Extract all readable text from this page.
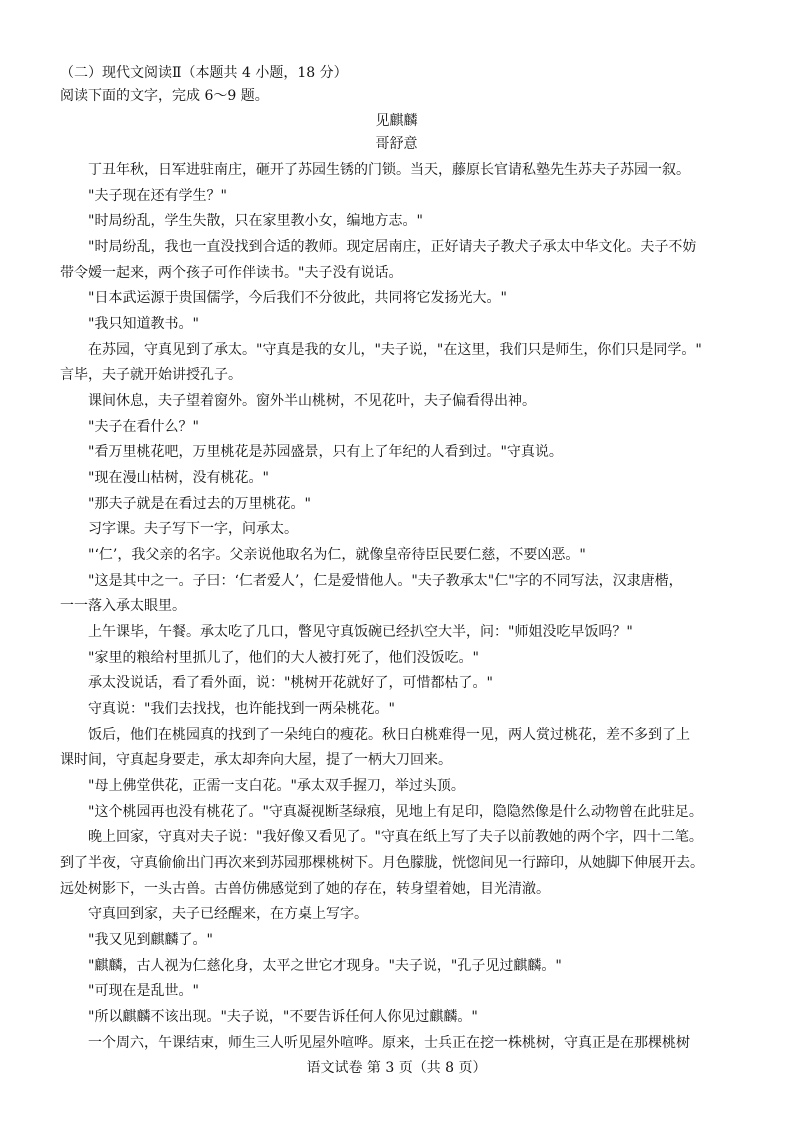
（二）现代文阅读Ⅱ（本题共 4 小题，18 分）
阅读下面的文字，完成 6～9 题。
见麒麟
哥舒意
丁丑年秋，日军进驻南庄，砸开了苏园生锈的门锁。当天，藤原长官请私塾先生苏夫子苏园一叙。
"夫子现在还有学生？"
"时局纷乱，学生失散，只在家里教小女，编地方志。"
"时局纷乱，我也一直没找到合适的教师。现定居南庄，正好请夫子教犬子承太中华文化。夫子不妨
带令嫒一起来，两个孩子可作伴读书。"夫子没有说话。
"日本武运源于贵国儒学，今后我们不分彼此，共同将它发扬光大。"
"我只知道教书。"
在苏园，守真见到了承太。"守真是我的女儿，"夫子说，"在这里，我们只是师生，你们只是同学。"
言毕，夫子就开始讲授孔子。
课间休息，夫子望着窗外。窗外半山桃树，不见花叶，夫子偏看得出神。
"夫子在看什么？"
"看万里桃花吧，万里桃花是苏园盛景，只有上了年纪的人看到过。"守真说。
"现在漫山枯树，没有桃花。"
"那夫子就是在看过去的万里桃花。"
习字课。夫子写下一字，问承太。
"‘仁’，我父亲的名字。父亲说他取名为仁，就像皇帝待臣民要仁慈，不要凶恶。"
"这是其中之一。子曰：‘仁者爱人’，仁是爱惜他人。"夫子教承太"仁"字的不同写法，汉隶唐楷，
一一落入承太眼里。
上午课毕，午餐。承太吃了几口，瞥见守真饭碗已经扒空大半，问："师姐没吃早饭吗？"
"家里的粮给村里抓儿了，他们的大人被打死了，他们没饭吃。"
承太没说话，看了看外面，说："桃树开花就好了，可惜都枯了。"
守真说："我们去找找，也许能找到一两朵桃花。"
饭后，他们在桃园真的找到了一朵纯白的瘦花。秋日白桃难得一见，两人赏过桃花，差不多到了上
课时间，守真起身要走，承太却奔向大屋，提了一柄大刀回来。
"母上佛堂供花，正需一支白花。"承太双手握刀，举过头顶。
"这个桃园再也没有桃花了。"守真凝视断茎绿痕，见地上有足印，隐隐然像是什么动物曾在此驻足。
晚上回家，守真对夫子说："我好像又看见了。"守真在纸上写了夫子以前教她的两个字，四十二笔。
到了半夜，守真偷偷出门再次来到苏园那棵桃树下。月色朦胧，恍惚间见一行蹄印，从她脚下伸展开去。
远处树影下，一头古兽。古兽仿佛感觉到了她的存在，转身望着她，目光清澈。
守真回到家，夫子已经醒来，在方桌上写字。
"我又见到麒麟了。"
"麒麟，古人视为仁慈化身，太平之世它才现身。"夫子说，"孔子见过麒麟。"
"可现在是乱世。"
"所以麒麟不该出现。"夫子说，"不要告诉任何人你见过麒麟。"
一个周六，午课结束，师生三人听见屋外喧哗。原来，士兵正在挖一株桃树，守真正是在那棵桃树
语文试卷 第 3 页（共 8 页）
